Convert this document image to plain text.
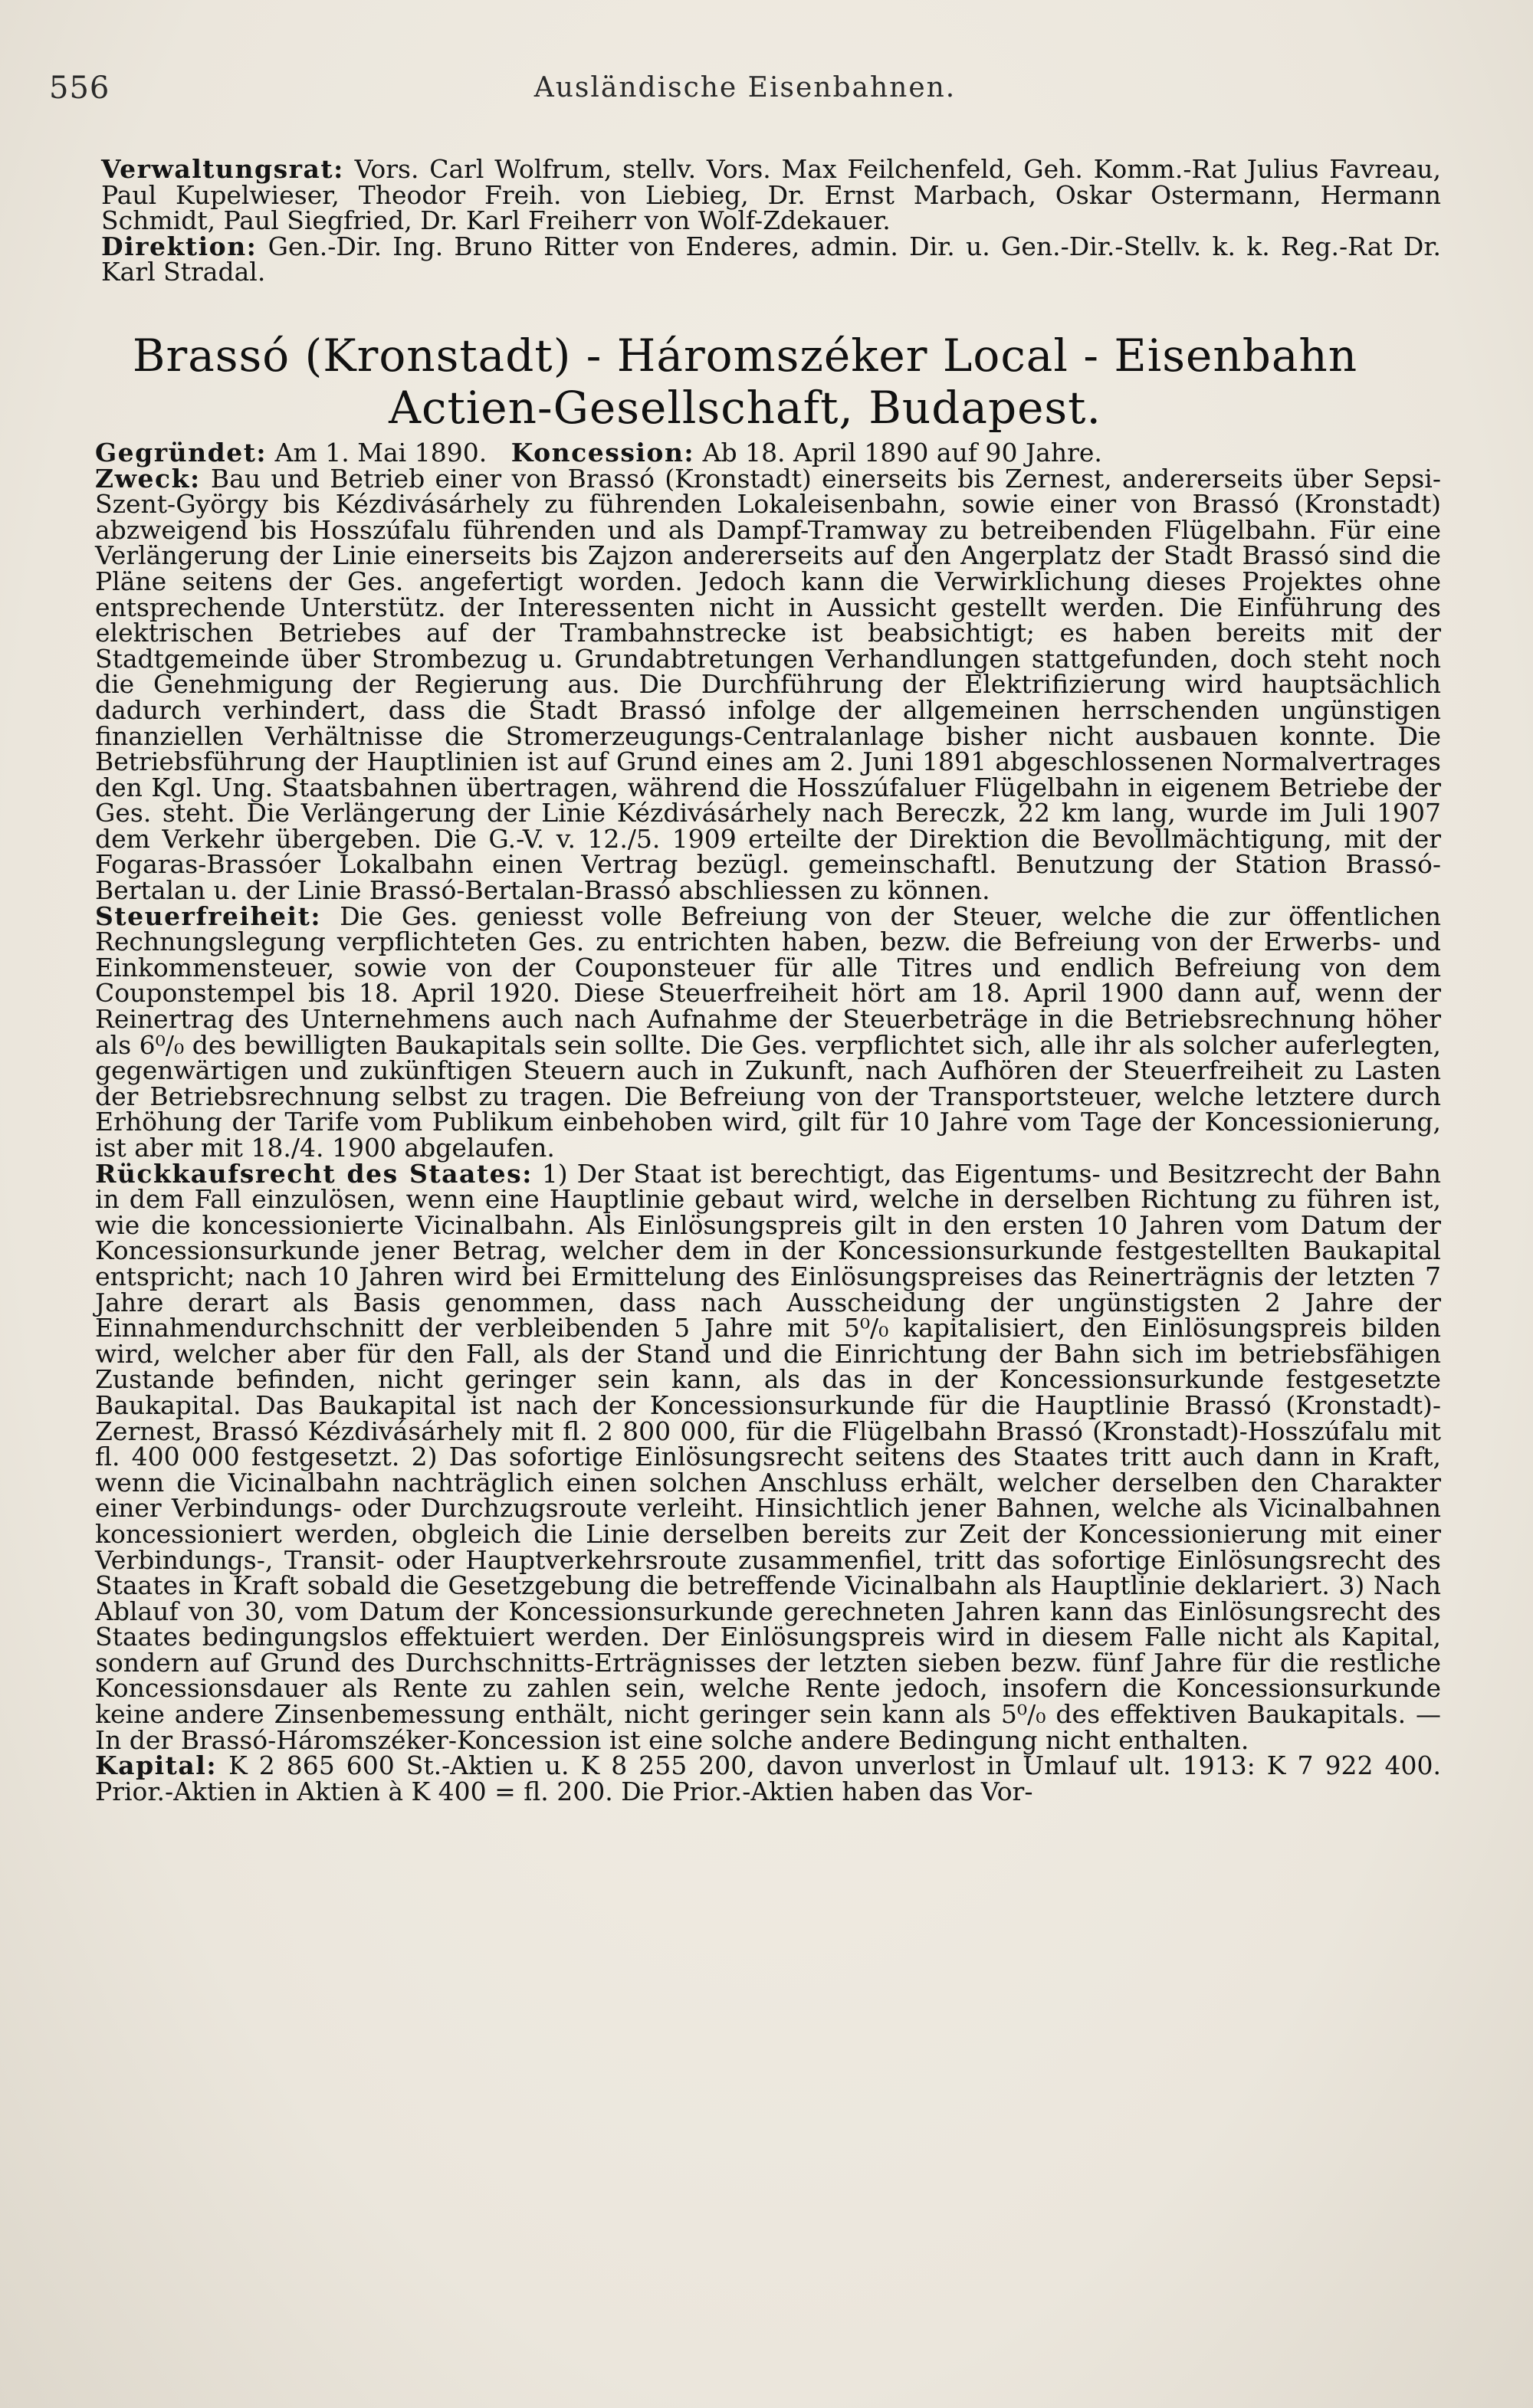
556	Ausländische Eisenbahnen.

Verwaltungsrat: Vors. Carl Wolfrum, stellv. Vors. Max Feilchenfeld, Geh. Komm.-Rat Julius Favreau, Paul Kupelwieser, Theodor Freih. von Liebieg, Dr. Ernst Marbach, Oskar Ostermann, Hermann Schmidt, Paul Siegfried, Dr. Karl Freiherr von Wolf-Zdekauer.

Direktion: Gen.-Dir. Ing. Bruno Ritter von Enderes, admin. Dir. u. Gen.-Dir.-Stellv. k. k. Reg.-Rat Dr. Karl Stradal.

Brassó (Kronstadt) - Háromszéker Local - Eisenbahn
Actien-Gesellschaft, Budapest.

Gegründet: Am 1. Mai 1890. Koncession: Ab 18. April 1890 auf 90 Jahre.

Zweck: Bau und Betrieb einer von Brassó (Kronstadt) einerseits bis Zernest, andererseits über Sepsi-Szent-György bis Kézdivásárhely zu führenden Lokaleisenbahn, sowie einer von Brassó (Kronstadt) abzweigend bis Hosszúfalu führenden und als Dampf-Tramway zu betreibenden Flügelbahn. Für eine Verlängerung der Linie einerseits bis Zajzon andererseits auf den Angerplatz der Stadt Brassó sind die Pläne seitens der Ges. angefertigt worden. Jedoch kann die Verwirklichung dieses Projektes ohne entsprechende Unterstütz. der Interessenten nicht in Aussicht gestellt werden. Die Einführung des elektrischen Betriebes auf der Trambahnstrecke ist beabsichtigt; es haben bereits mit der Stadtgemeinde über Strombezug u. Grundabtretungen Verhandlungen stattgefunden, doch steht noch die Genehmigung der Regierung aus. Die Durchführung der Elektrifizierung wird hauptsächlich dadurch verhindert, dass die Stadt Brassó infolge der allgemeinen herrschenden ungünstigen finanziellen Verhältnisse die Stromerzeugungs-Centralanlage bisher nicht ausbauen konnte. Die Betriebsführung der Hauptlinien ist auf Grund eines am 2. Juni 1891 abgeschlossenen Normalvertrages den Kgl. Ung. Staatsbahnen übertragen, während die Hosszúfaluer Flügelbahn in eigenem Betriebe der Ges. steht. Die Verlängerung der Linie Kézdivásárhely nach Bereczk, 22 km lang, wurde im Juli 1907 dem Verkehr übergeben. Die G.-V. v. 12./5. 1909 erteilte der Direktion die Bevollmächtigung, mit der Fogaras-Brassóer Lokalbahn einen Vertrag bezügl. gemeinschaftl. Benutzung der Station Brassó-Bertalan u. der Linie Brassó-Bertalan-Brassó abschliessen zu können.

Steuerfreiheit: Die Ges. geniesst volle Befreiung von der Steuer, welche die zur öffentlichen Rechnungslegung verpflichteten Ges. zu entrichten haben, bezw. die Befreiung von der Erwerbs- und Einkommensteuer, sowie von der Couponsteuer für alle Titres und endlich Befreiung von dem Couponstempel bis 18. April 1920. Diese Steuerfreiheit hört am 18. April 1900 dann auf, wenn der Reinertrag des Unternehmens auch nach Aufnahme der Steuerbeträge in die Betriebsrechnung höher als 6⁰/₀ des bewilligten Baukapitals sein sollte. Die Ges. verpflichtet sich, alle ihr als solcher auferlegten, gegenwärtigen und zukünftigen Steuern auch in Zukunft, nach Aufhören der Steuerfreiheit zu Lasten der Betriebsrechnung selbst zu tragen. Die Befreiung von der Transportsteuer, welche letztere durch Erhöhung der Tarife vom Publikum einbehoben wird, gilt für 10 Jahre vom Tage der Koncessionierung, ist aber mit 18./4. 1900 abgelaufen.

Rückkaufsrecht des Staates: 1) Der Staat ist berechtigt, das Eigentums- und Besitzrecht der Bahn in dem Fall einzulösen, wenn eine Hauptlinie gebaut wird, welche in derselben Richtung zu führen ist, wie die koncessionierte Vicinalbahn. Als Einlösungspreis gilt in den ersten 10 Jahren vom Datum der Koncessionsurkunde jener Betrag, welcher dem in der Koncessionsurkunde festgestellten Baukapital entspricht; nach 10 Jahren wird bei Ermittelung des Einlösungspreises das Reinerträgnis der letzten 7 Jahre derart als Basis genommen, dass nach Ausscheidung der ungünstigsten 2 Jahre der Einnahmendurchschnitt der verbleibenden 5 Jahre mit 5⁰/₀ kapitalisiert, den Einlösungspreis bilden wird, welcher aber für den Fall, als der Stand und die Einrichtung der Bahn sich im betriebsfähigen Zustande befinden, nicht geringer sein kann, als das in der Koncessionsurkunde festgesetzte Baukapital. Das Baukapital ist nach der Koncessionsurkunde für die Hauptlinie Brassó (Kronstadt)-Zernest, Brassó Kézdivásárhely mit fl. 2 800 000, für die Flügelbahn Brassó (Kronstadt)-Hosszúfalu mit fl. 400 000 festgesetzt. 2) Das sofortige Einlösungsrecht seitens des Staates tritt auch dann in Kraft, wenn die Vicinalbahn nachträglich einen solchen Anschluss erhält, welcher derselben den Charakter einer Verbindungs- oder Durchzugsroute verleiht. Hinsichtlich jener Bahnen, welche als Vicinalbahnen koncessioniert werden, obgleich die Linie derselben bereits zur Zeit der Koncessionierung mit einer Verbindungs-, Transit- oder Hauptverkehrsroute zusammenfiel, tritt das sofortige Einlösungsrecht des Staates in Kraft sobald die Gesetzgebung die betreffende Vicinalbahn als Hauptlinie deklariert. 3) Nach Ablauf von 30, vom Datum der Koncessionsurkunde gerechneten Jahren kann das Einlösungsrecht des Staates bedingungslos effektuiert werden. Der Einlösungspreis wird in diesem Falle nicht als Kapital, sondern auf Grund des Durchschnitts-Erträgnisses der letzten sieben bezw. fünf Jahre für die restliche Koncessionsdauer als Rente zu zahlen sein, welche Rente jedoch, insofern die Koncessionsurkunde keine andere Zinsenbemessung enthält, nicht geringer sein kann als 5⁰/₀ des effektiven Baukapitals. — In der Brassó-Háromszéker-Koncession ist eine solche andere Bedingung nicht enthalten.

Kapital: K 2 865 600 St.-Aktien u. K 8 255 200, davon unverlost in Umlauf ult. 1913: K 7 922 400. Prior.-Aktien in Aktien à K 400 = fl. 200. Die Prior.-Aktien haben das Vor-
